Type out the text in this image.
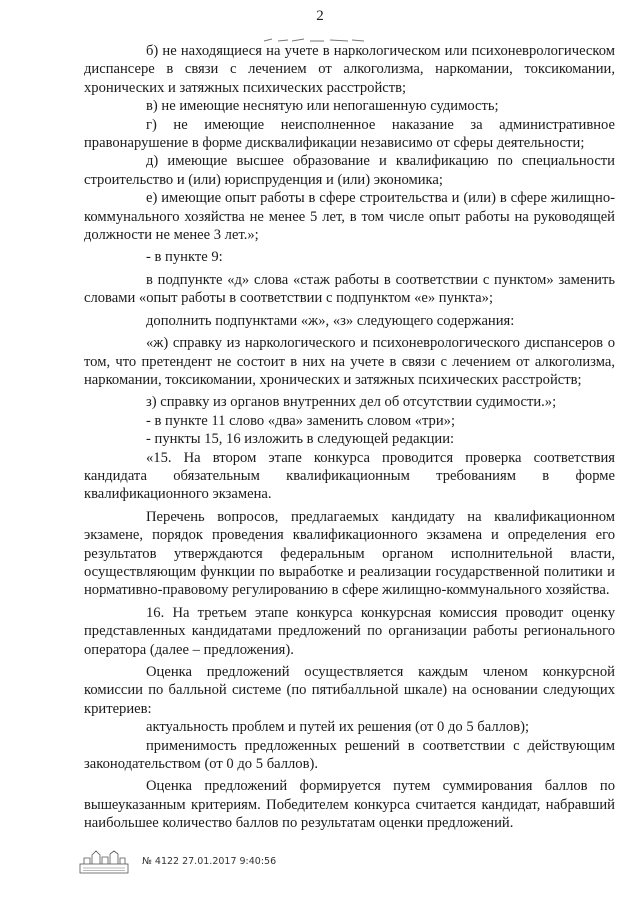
2

б) не находящиеся на учете в наркологическом или психоневрологическом диспансере в связи с лечением от алкоголизма, наркомании, токсикомании, хронических и затяжных психических расстройств;

в) не имеющие неснятую или непогашенную судимость;

г) не имеющие неисполненное наказание за административное правонарушение в форме дисквалификации независимо от сферы деятельности;

д) имеющие высшее образование и квалификацию по специальности строительство и (или) юриспруденция и (или) экономика;

е) имеющие опыт работы в сфере строительства и (или) в сфере жилищно-коммунального хозяйства не менее 5 лет, в том числе опыт работы на руководящей должности не менее 3 лет.»;

- в пункте 9:

в подпункте «д» слова «стаж работы в соответствии с пунктом» заменить словами «опыт работы в соответствии с подпунктом «е» пункта»;

дополнить подпунктами «ж», «з» следующего содержания:

«ж) справку из наркологического и психоневрологического диспансеров о том, что претендент не состоит в них на учете в связи с лечением от алкоголизма, наркомании, токсикомании, хронических и затяжных психических расстройств;

з) справку из органов внутренних дел об отсутствии судимости.»;

- в пункте 11 слово «два» заменить словом «три»;

- пункты 15, 16 изложить в следующей редакции:

«15. На втором этапе конкурса проводится проверка соответствия кандидата обязательным квалификационным требованиям в форме квалификационного экзамена.

Перечень вопросов, предлагаемых кандидату на квалификационном экзамене, порядок проведения квалификационного экзамена и определения его результатов утверждаются федеральным органом исполнительной власти, осуществляющим функции по выработке и реализации государственной политики и нормативно-правовому регулированию в сфере жилищно-коммунального хозяйства.

16. На третьем этапе конкурса конкурсная комиссия проводит оценку представленных кандидатами предложений по организации работы регионального оператора (далее – предложения).

Оценка предложений осуществляется каждым членом конкурсной комиссии по балльной системе (по пятибалльной шкале) на основании следующих критериев:

актуальность проблем и путей их решения (от 0 до 5 баллов);

применимость предложенных решений в соответствии с действующим законодательством (от 0 до 5 баллов).

Оценка предложений формируется путем суммирования баллов по вышеуказанным критериям. Победителем конкурса считается кандидат, набравший наибольшее количество баллов по результатам оценки предложений.

№ 4122 27.01.2017 9:40:56
